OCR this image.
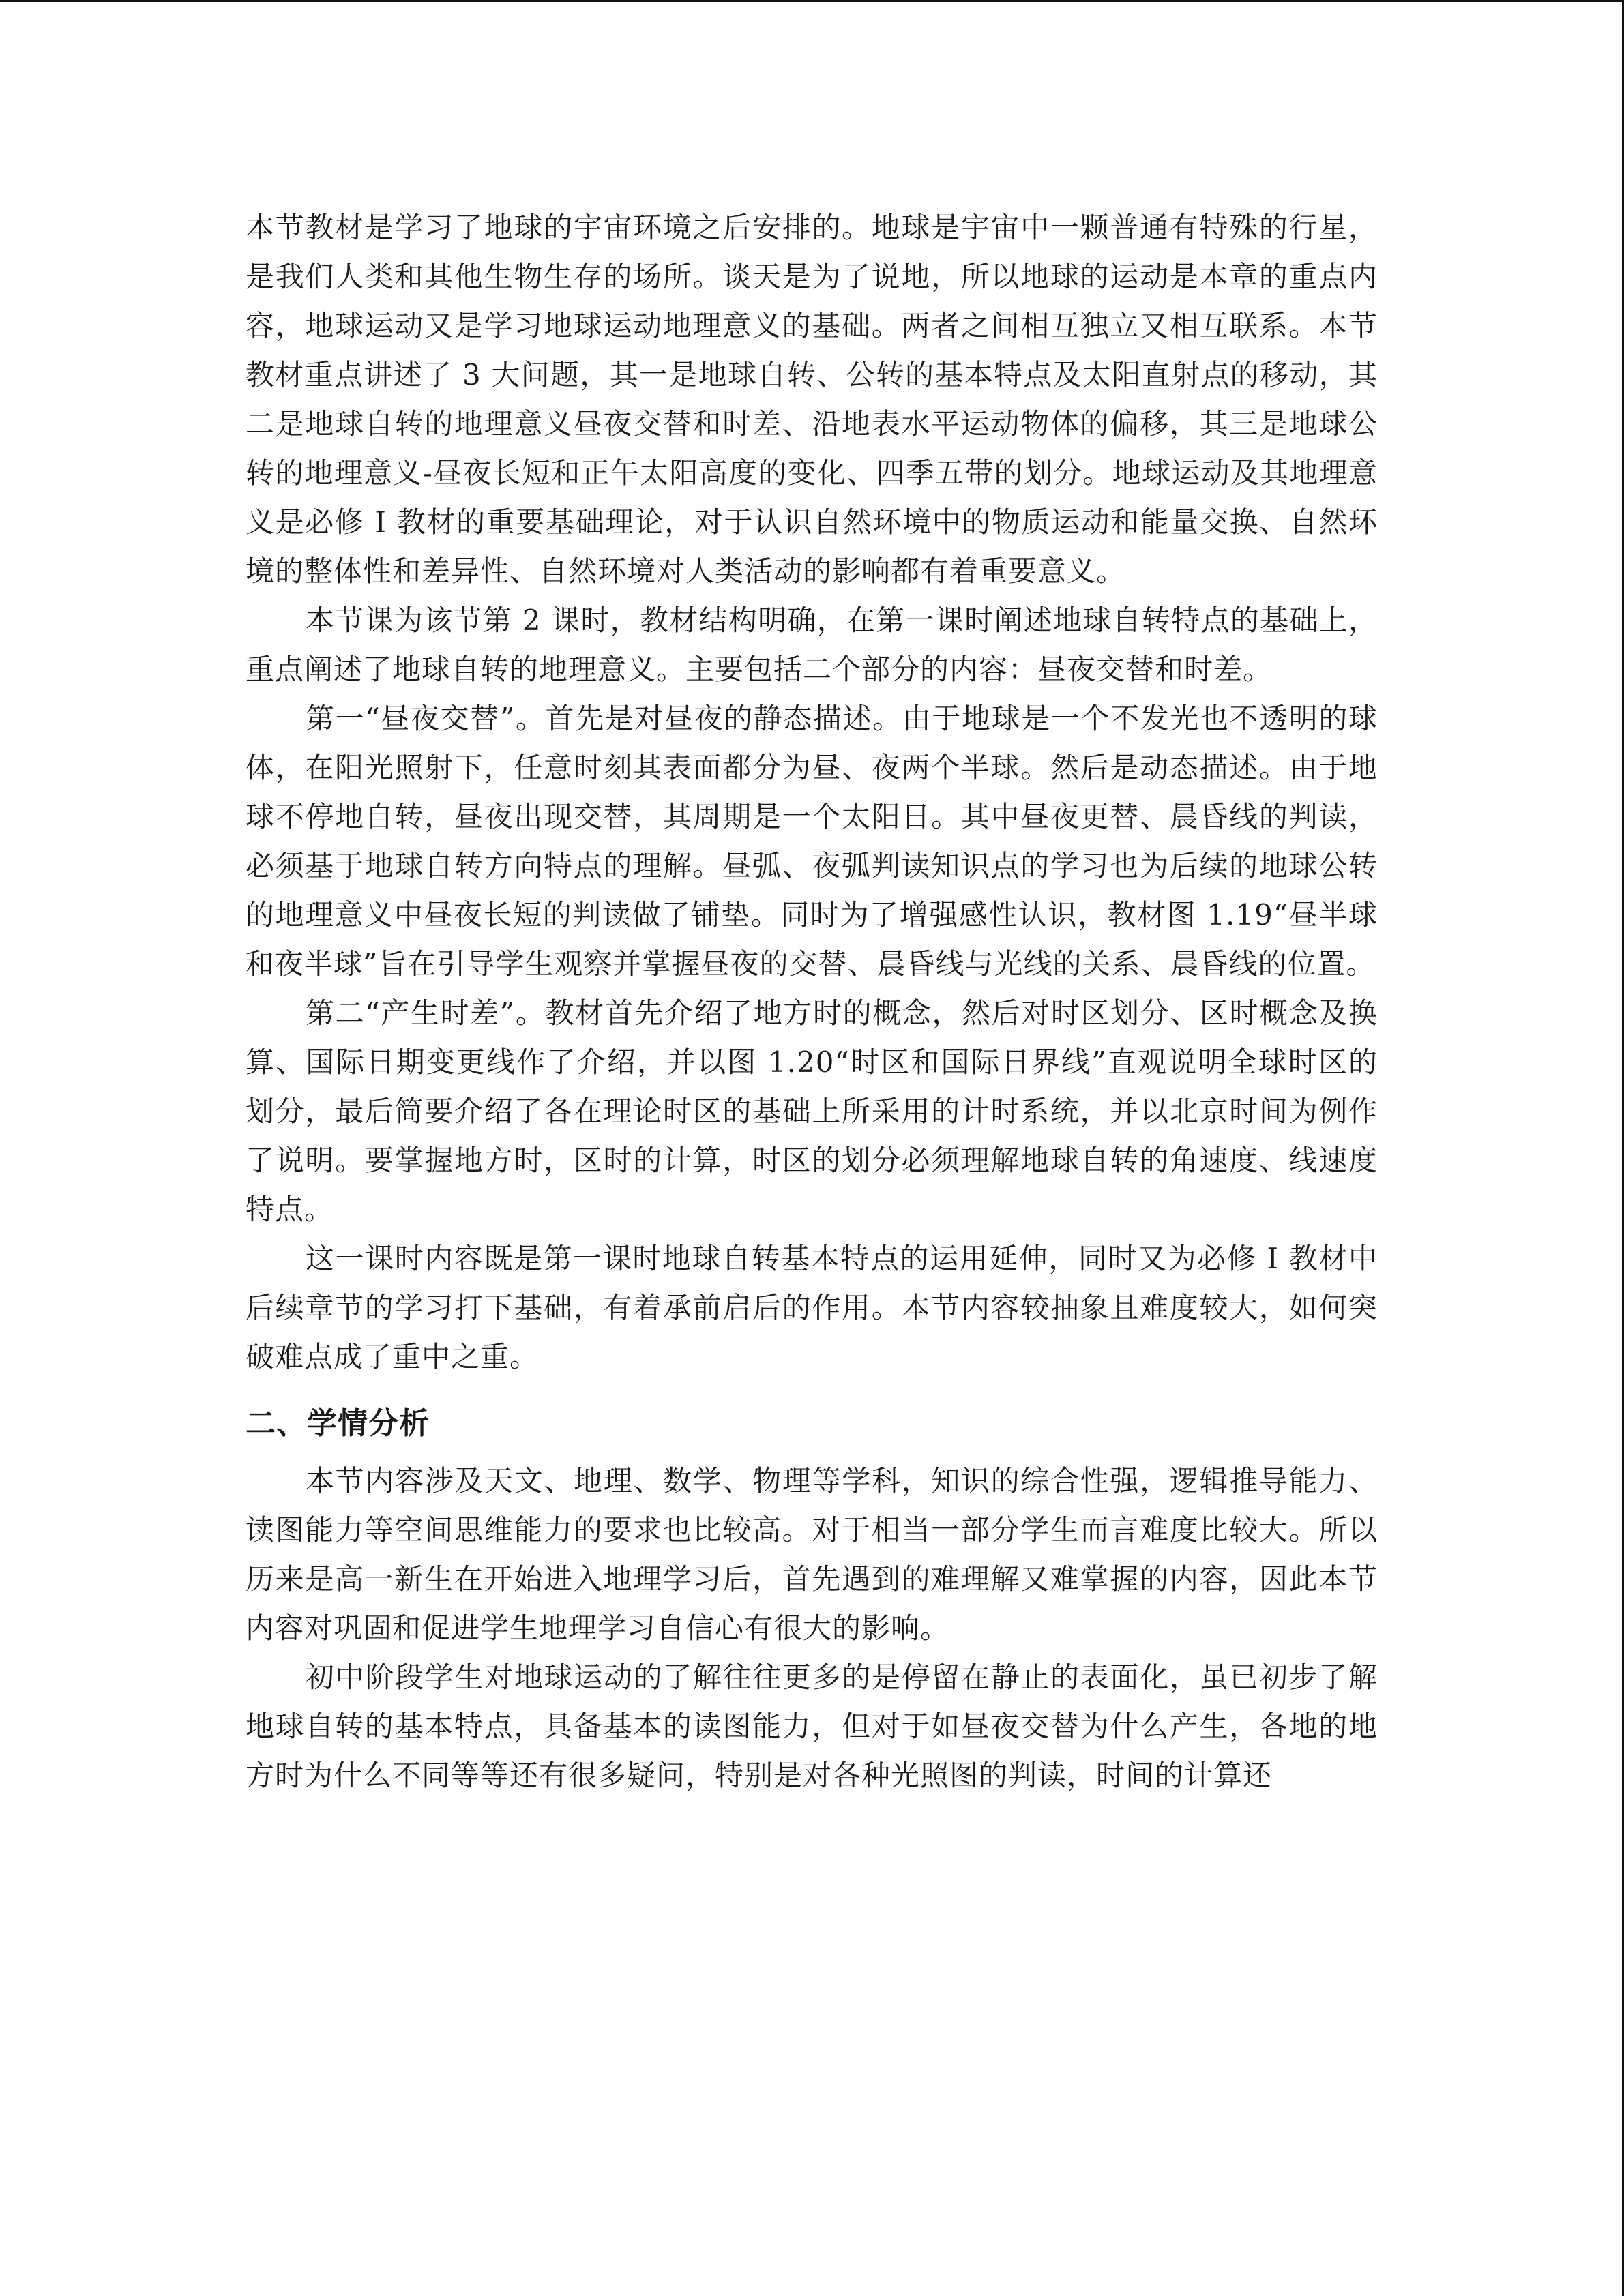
本节教材是学习了地球的宇宙环境之后安排的。地球是宇宙中一颗普通有特殊的行星，是我们人类和其他生物生存的场所。谈天是为了说地，所以地球的运动是本章的重点内容，地球运动又是学习地球运动地理意义的基础。两者之间相互独立又相互联系。本节教材重点讲述了 3 大问题，其一是地球自转、公转的基本特点及太阳直射点的移动，其二是地球自转的地理意义昼夜交替和时差、沿地表水平运动物体的偏移，其三是地球公转的地理意义-昼夜长短和正午太阳高度的变化、四季五带的划分。地球运动及其地理意义是必修 I 教材的重要基础理论，对于认识自然环境中的物质运动和能量交换、自然环境的整体性和差异性、自然环境对人类活动的影响都有着重要意义。

本节课为该节第 2 课时，教材结构明确，在第一课时阐述地球自转特点的基础上，重点阐述了地球自转的地理意义。主要包括二个部分的内容：昼夜交替和时差。

第一“昼夜交替”。首先是对昼夜的静态描述。由于地球是一个不发光也不透明的球体，在阳光照射下，任意时刻其表面都分为昼、夜两个半球。然后是动态描述。由于地球不停地自转，昼夜出现交替，其周期是一个太阳日。其中昼夜更替、晨昏线的判读，必须基于地球自转方向特点的理解。昼弧、夜弧判读知识点的学习也为后续的地球公转的地理意义中昼夜长短的判读做了铺垫。同时为了增强感性认识，教材图 1.19“昼半球和夜半球”旨在引导学生观察并掌握昼夜的交替、晨昏线与光线的关系、晨昏线的位置。

第二“产生时差”。教材首先介绍了地方时的概念，然后对时区划分、区时概念及换算、国际日期变更线作了介绍，并以图 1.20“时区和国际日界线”直观说明全球时区的划分，最后简要介绍了各在理论时区的基础上所采用的计时系统，并以北京时间为例作了说明。要掌握地方时，区时的计算，时区的划分必须理解地球自转的角速度、线速度特点。

这一课时内容既是第一课时地球自转基本特点的运用延伸，同时又为必修 I 教材中后续章节的学习打下基础，有着承前启后的作用。本节内容较抽象且难度较大，如何突破难点成了重中之重。

二、学情分析

本节内容涉及天文、地理、数学、物理等学科，知识的综合性强，逻辑推导能力、读图能力等空间思维能力的要求也比较高。对于相当一部分学生而言难度比较大。所以历来是高一新生在开始进入地理学习后，首先遇到的难理解又难掌握的内容，因此本节内容对巩固和促进学生地理学习自信心有很大的影响。

初中阶段学生对地球运动的了解往往更多的是停留在静止的表面化，虽已初步了解地球自转的基本特点，具备基本的读图能力，但对于如昼夜交替为什么产生，各地的地方时为什么不同等等还有很多疑问，特别是对各种光照图的判读，时间的计算还
